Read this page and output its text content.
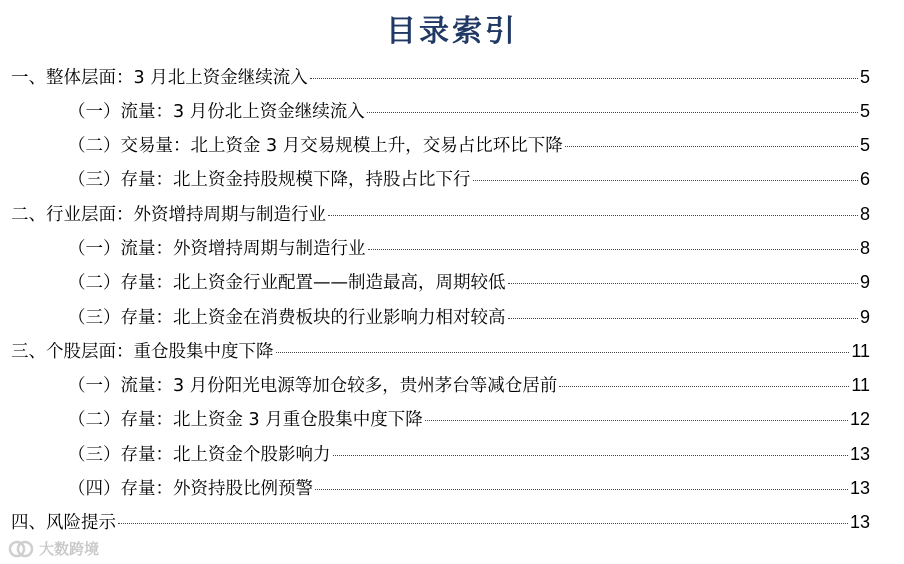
目录索引
一、整体层面：3 月北上资金继续流入	5
（一）流量：3 月份北上资金继续流入	5
（二）交易量：北上资金 3 月交易规模上升，交易占比环比下降	5
（三）存量：北上资金持股规模下降，持股占比下行	6
二、行业层面：外资增持周期与制造行业	8
（一）流量：外资增持周期与制造行业	8
（二）存量：北上资金行业配置——制造最高，周期较低	9
（三）存量：北上资金在消费板块的行业影响力相对较高	9
三、个股层面：重仓股集中度下降	11
（一）流量：3 月份阳光电源等加仓较多，贵州茅台等减仓居前	11
（二）存量：北上资金 3 月重仓股集中度下降	12
（三）存量：北上资金个股影响力	13
（四）存量：外资持股比例预警	13
四、风险提示	13
大数跨境
